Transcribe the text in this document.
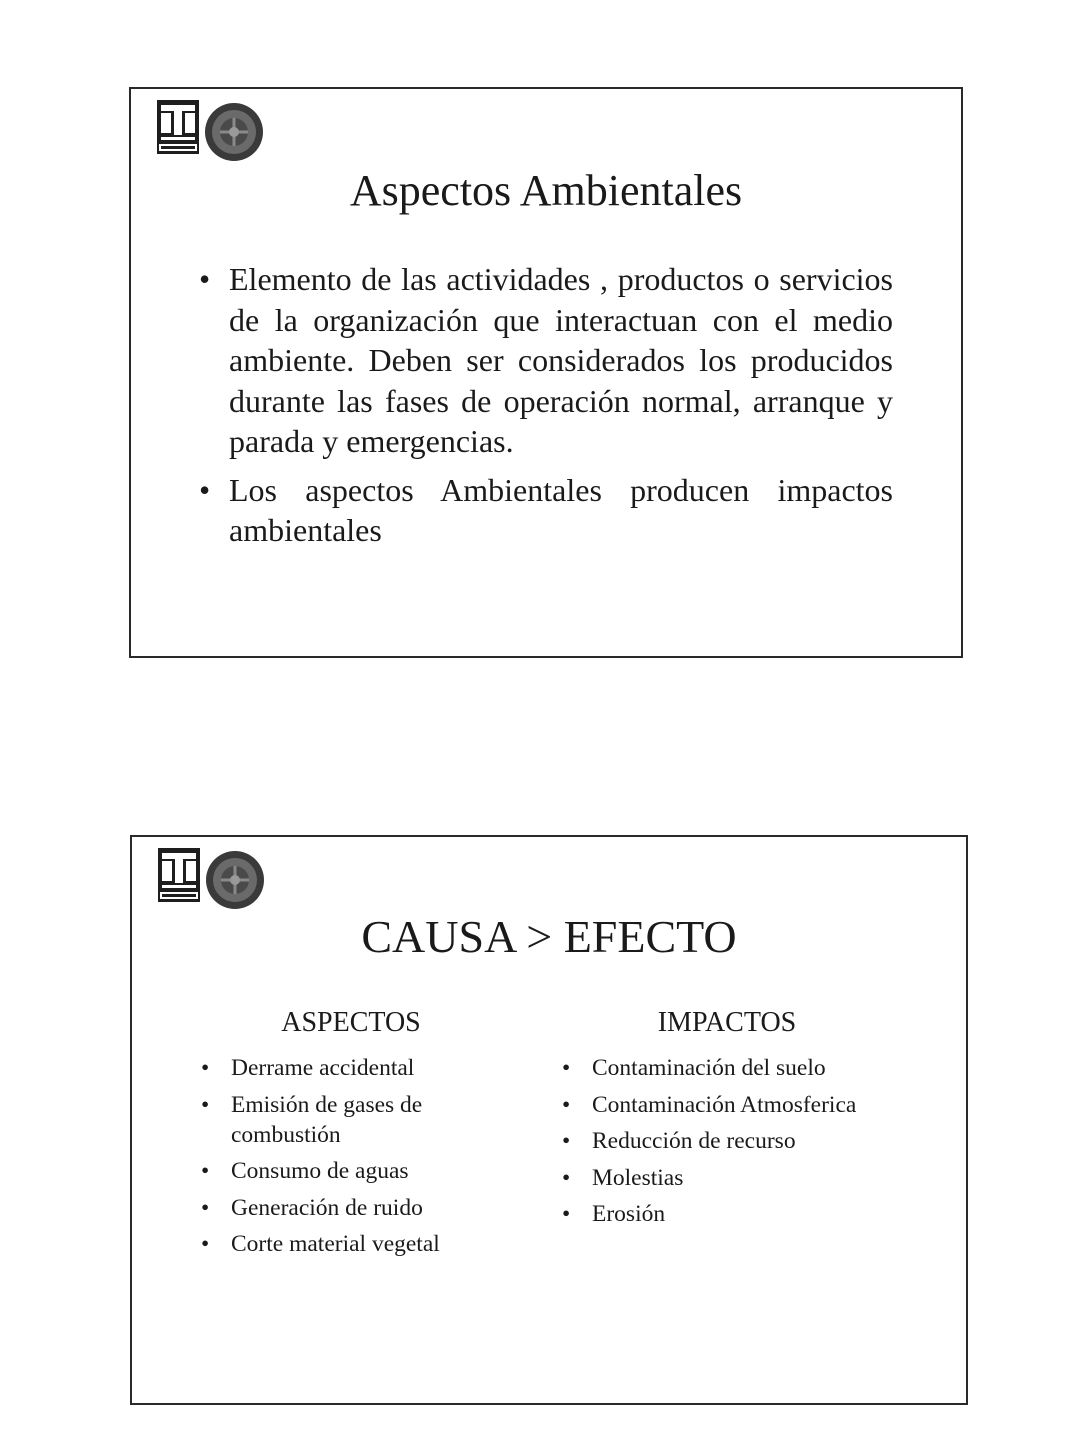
Aspectos Ambientales
• Elemento de las actividades , productos o servicios de la organización que interactuan con el medio ambiente. Deben ser considerados los producidos durante las fases de operación normal, arranque y parada y emergencias.
• Los aspectos Ambientales producen impactos ambientales
CAUSA > EFECTO
ASPECTOS
• Derrame accidental
• Emisión de gases de combustión
• Consumo de aguas
• Generación de ruido
• Corte material vegetal
IMPACTOS
• Contaminación del suelo
• Contaminación Atmosferica
• Reducción de recurso
• Molestias
• Erosión
